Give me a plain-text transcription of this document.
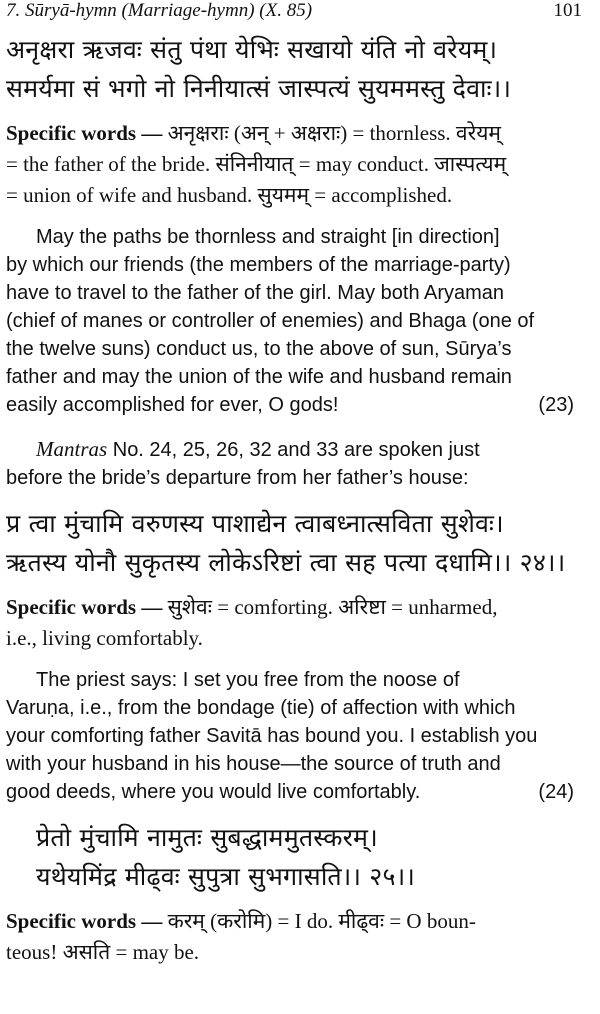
7. Sūryā-hymn (Marriage-hymn) (X. 85)	101
अनृक्षरा ऋजवः संतु पंथा येभिः सखायो यंति नो वरेयम्।
समर्यमा सं भगो नो निनीयात्सं जास्पत्यं सुयममस्तु देवाः।।
Specific words — अनृक्षराः (अन् + अक्षराः) = thornless. वरेयम्
= the father of the bride. संनिनीयात् = may conduct. जास्पत्यम्
= union of wife and husband. सुयमम् = accomplished.
May the paths be thornless and straight [in direction]
by which our friends (the members of the marriage-party)
have to travel to the father of the girl. May both Aryaman
(chief of manes or controller of enemies) and Bhaga (one of
the twelve suns) conduct us, to the above of sun, Sūrya’s
father and may the union of the wife and husband remain
easily accomplished for ever, O gods!	(23)
Mantras No. 24, 25, 26, 32 and 33 are spoken just
before the bride’s departure from her father’s house:
प्र त्वा मुंचामि वरुणस्य पाशाद्येन त्वाबध्नात्सविता सुशेवः।
ऋतस्य योनौ सुकृतस्य लोकेऽरिष्टां त्वा सह पत्या दधामि।। २४।।
Specific words — सुशेवः = comforting. अरिष्टा = unharmed,
i.e., living comfortably.
The priest says: I set you free from the noose of
Varuṇa, i.e., from the bondage (tie) of affection with which
your comforting father Savitā has bound you. I establish you
with your husband in his house—the source of truth and
good deeds, where you would live comfortably.	(24)
प्रेतो मुंचामि नामुतः सुबद्धाममुतस्करम्।
यथेयमिंद्र मीढ्वः सुपुत्रा सुभगासति।। २५।।
Specific words — करम् (करोमि) = I do. मीढ्वः = O boun-
teous! असति = may be.
